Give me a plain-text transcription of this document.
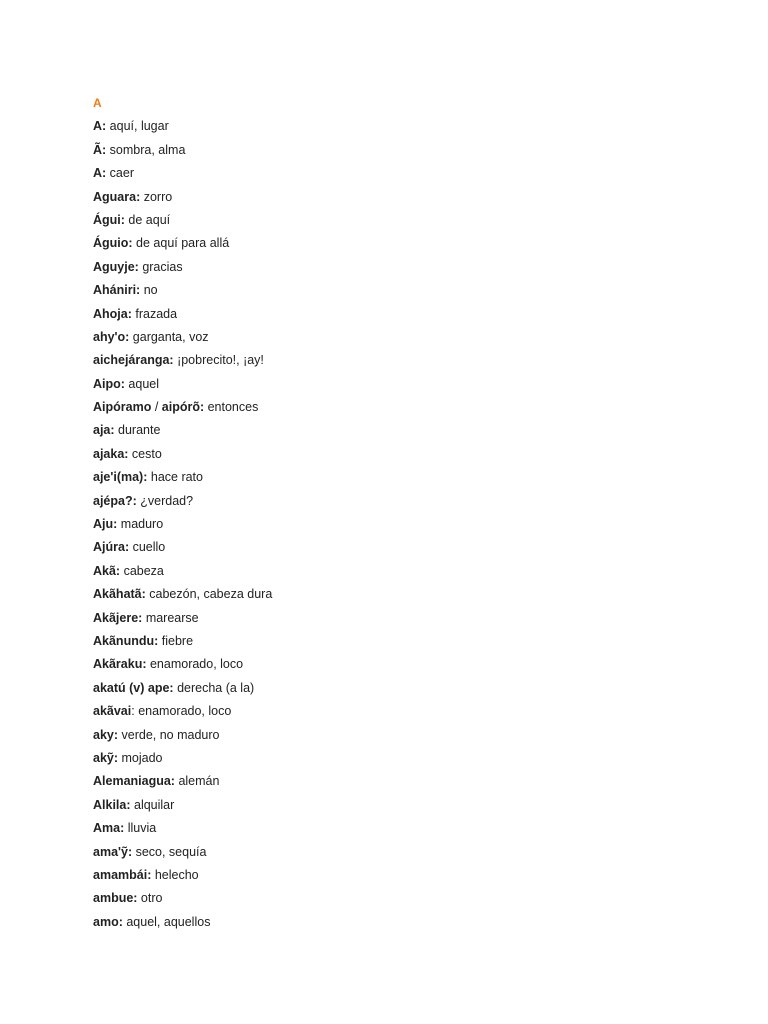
A
A: aquí, lugar
Ã: sombra, alma
A: caer
Aguara: zorro
Águi: de aquí
Águio: de aquí para allá
Aguyje: gracias
Ahániri: no
Ahoja: frazada
ahy'o: garganta, voz
aichejáranga: ¡pobrecito!, ¡ay!
Aipo: aquel
Aipóramo / aipórõ: entonces
aja: durante
ajaka: cesto
aje'i(ma): hace rato
ajépa?: ¿verdad?
Aju: maduro
Ajúra: cuello
Akã: cabeza
Akãhatã: cabezón, cabeza dura
Akãjere: marearse
Akãnundu: fiebre
Akãraku: enamorado, loco
akatú (v) ape: derecha (a la)
akãvai: enamorado, loco
aky: verde, no maduro
akỹ: mojado
Alemaniagua: alemán
Alkila: alquilar
Ama: lluvia
ama'ỹ: seco, sequía
amambái: helecho
ambue: otro
amo: aquel, aquellos
